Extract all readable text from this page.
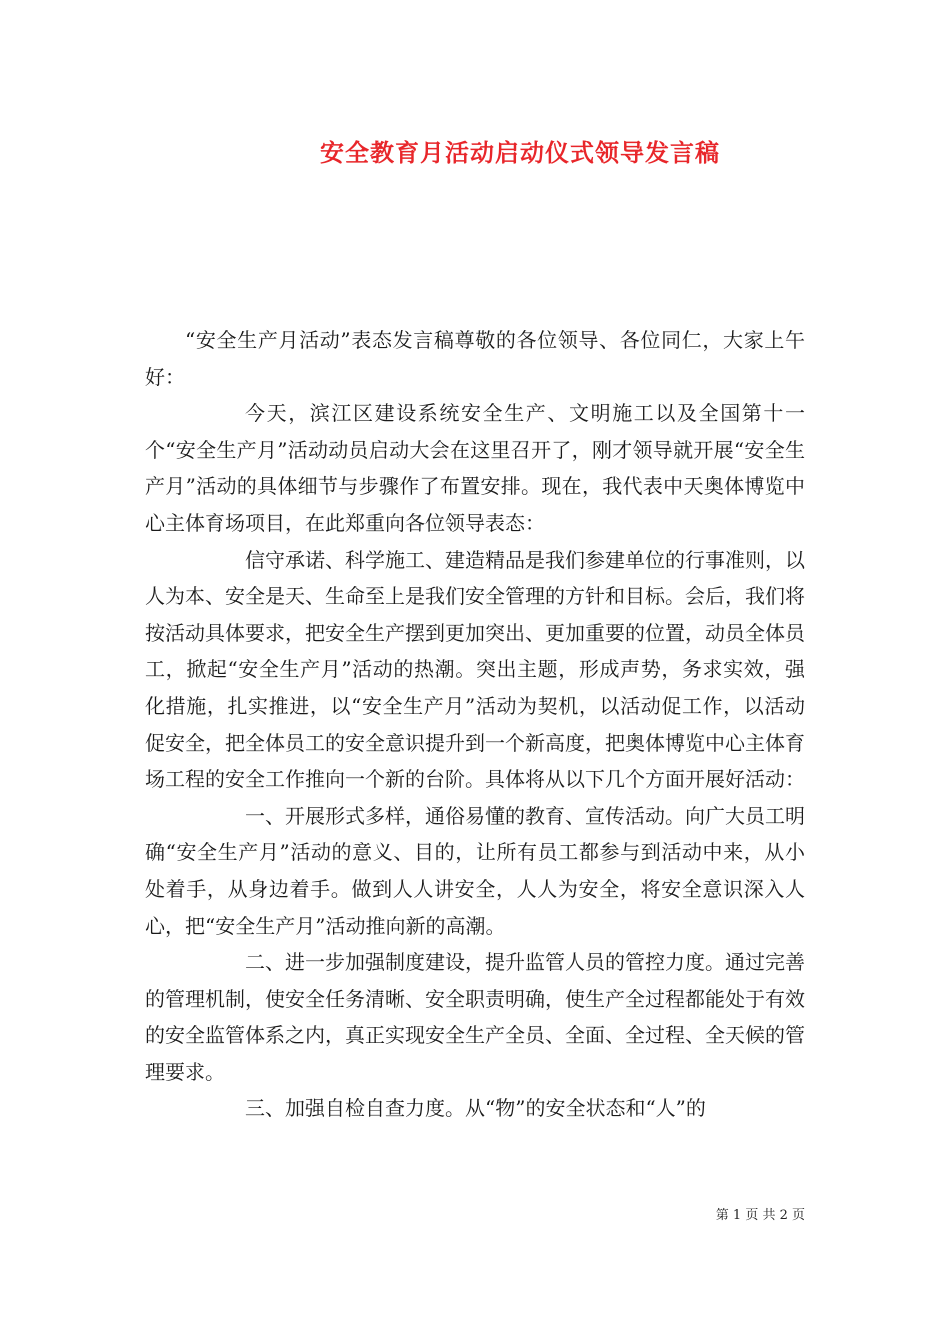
安全教育月活动启动仪式领导发言稿

“安全生产月活动”表态发言稿尊敬的各位领导、各位同仁，大家上午好：

今天，滨江区建设系统安全生产、文明施工以及全国第十一个“安全生产月”活动动员启动大会在这里召开了，刚才领导就开展“安全生产月”活动的具体细节与步骤作了布置安排。现在，我代表中天奥体博览中心主体育场项目，在此郑重向各位领导表态：

信守承诺、科学施工、建造精品是我们参建单位的行事准则，以人为本、安全是天、生命至上是我们安全管理的方针和目标。会后，我们将按活动具体要求，把安全生产摆到更加突出、更加重要的位置，动员全体员工，掀起“安全生产月”活动的热潮。突出主题，形成声势，务求实效，强化措施，扎实推进，以“安全生产月”活动为契机，以活动促工作，以活动促安全，把全体员工的安全意识提升到一个新高度，把奥体博览中心主体育场工程的安全工作推向一个新的台阶。具体将从以下几个方面开展好活动：

一、开展形式多样，通俗易懂的教育、宣传活动。向广大员工明确“安全生产月”活动的意义、目的，让所有员工都参与到活动中来，从小处着手，从身边着手。做到人人讲安全，人人为安全，将安全意识深入人心，把“安全生产月”活动推向新的高潮。

二、进一步加强制度建设，提升监管人员的管控力度。通过完善的管理机制，使安全任务清晰、安全职责明确，使生产全过程都能处于有效的安全监管体系之内，真正实现安全生产全员、全面、全过程、全天候的管理要求。

三、加强自检自查力度。从“物”的安全状态和“人”的

第 1 页 共 2 页
